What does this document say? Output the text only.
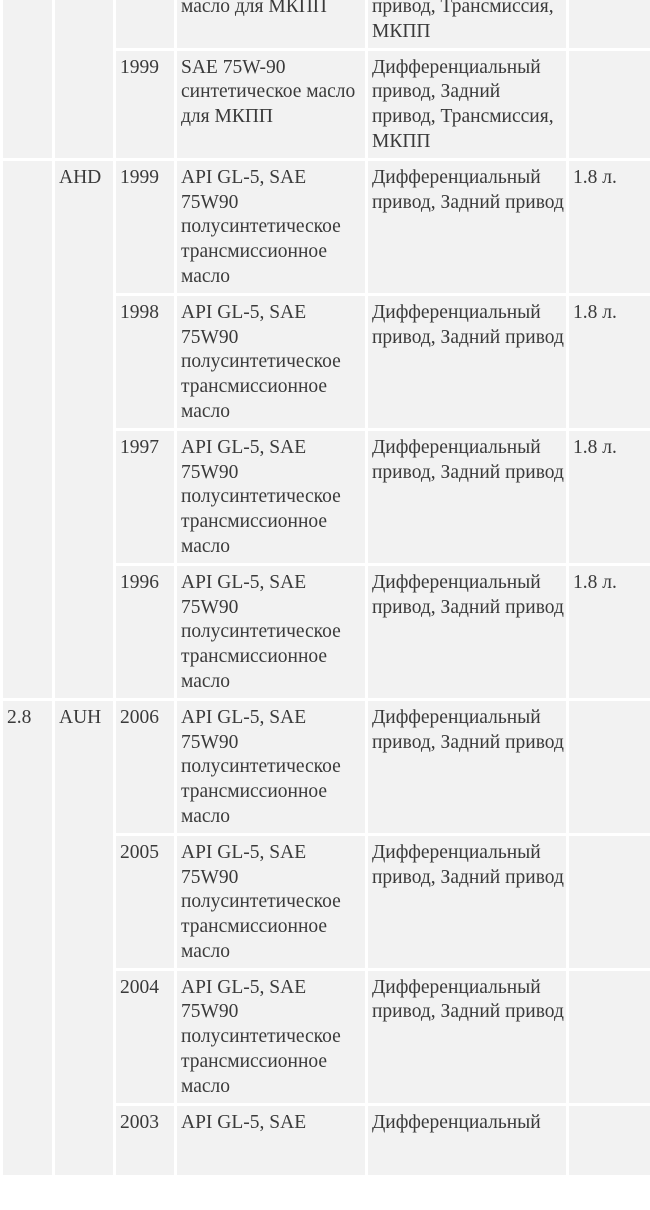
			масло для МКПП	привод, Трансмиссия, МКПП	
		1999	SAE 75W-90 синтетическое масло для МКПП	Дифференциальный привод, Задний привод, Трансмиссия, МКПП	
	AHD	1999	API GL-5, SAE 75W90 полусинтетическое трансмиссионное масло	Дифференциальный привод, Задний привод	1.8 л.
		1998	API GL-5, SAE 75W90 полусинтетическое трансмиссионное масло	Дифференциальный привод, Задний привод	1.8 л.
		1997	API GL-5, SAE 75W90 полусинтетическое трансмиссионное масло	Дифференциальный привод, Задний привод	1.8 л.
		1996	API GL-5, SAE 75W90 полусинтетическое трансмиссионное масло	Дифференциальный привод, Задний привод	1.8 л.
2.8	AUH	2006	API GL-5, SAE 75W90 полусинтетическое трансмиссионное масло	Дифференциальный привод, Задний привод	
		2005	API GL-5, SAE 75W90 полусинтетическое трансмиссионное масло	Дифференциальный привод, Задний привод	
		2004	API GL-5, SAE 75W90 полусинтетическое трансмиссионное масло	Дифференциальный привод, Задний привод	
		2003	API GL-5, SAE	Дифференциальный	
